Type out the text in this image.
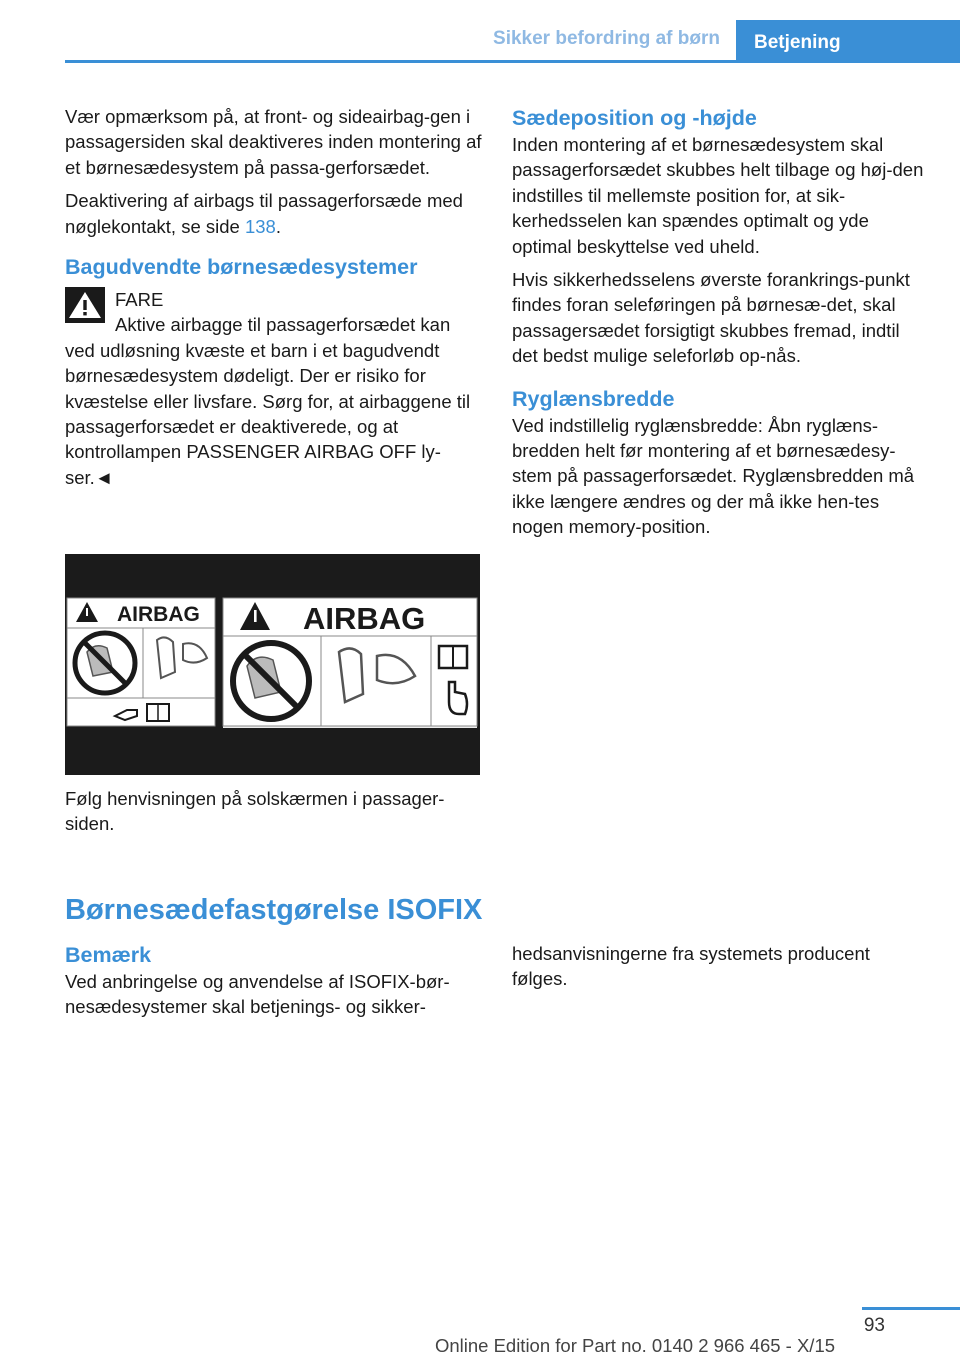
Sikker befordring af børn	Betjening

Vær opmærksom på, at front- og sideairbag-gen i passagersiden skal deaktiveres inden montering af et børnesædesystem på passa-gerforsædet.

Deaktivering af airbags til passagerforsæde med nøglekontakt, se side 138.

Bagudvendte børnesædesystemer
FARE
Aktive airbagge til passagerforsædet kan ved udløsning kvæste et barn i et bagudvendt børnesædesystem dødeligt. Der er risiko for kvæstelse eller livsfare. Sørg for, at airbaggene til passagerforsædet er deaktiverede, og at kontrollampen PASSENGER AIRBAG OFF ly-ser.◄
AIRBAG	AIRBAG
Følg henvisningen på solskærmen i passager-siden.
Sædeposition og -højde

Inden montering af et børnesædesystem skal passagerforsædet skubbes helt tilbage og høj-den indstilles til mellemste position for, at sik-kerhedsselen kan spændes optimalt og yde optimal beskyttelse ved uheld.

Hvis sikkerhedsselens øverste forankrings-punkt findes foran seleføringen på børnesæ-det, skal passagersædet forsigtigt skubbes fremad, indtil det bedst mulige seleforløb op-nås.

Ryglænsbredde

Ved indstillelig ryglænsbredde: Åbn ryglæns-bredden helt før montering af et børnesædesy-stem på passagerforsædet. Ryglænsbredden må ikke længere ændres og der må ikke hen-tes nogen memory-position.

Børnesædefastgørelse ISOFIX
Bemærk

Ved anbringelse og anvendelse af ISOFIX-bør-nesædesystemer skal betjenings- og sikker-

hedsanvisningerne fra systemets producent følges.

93
Online Edition for Part no. 0140 2 966 465 - X/15
